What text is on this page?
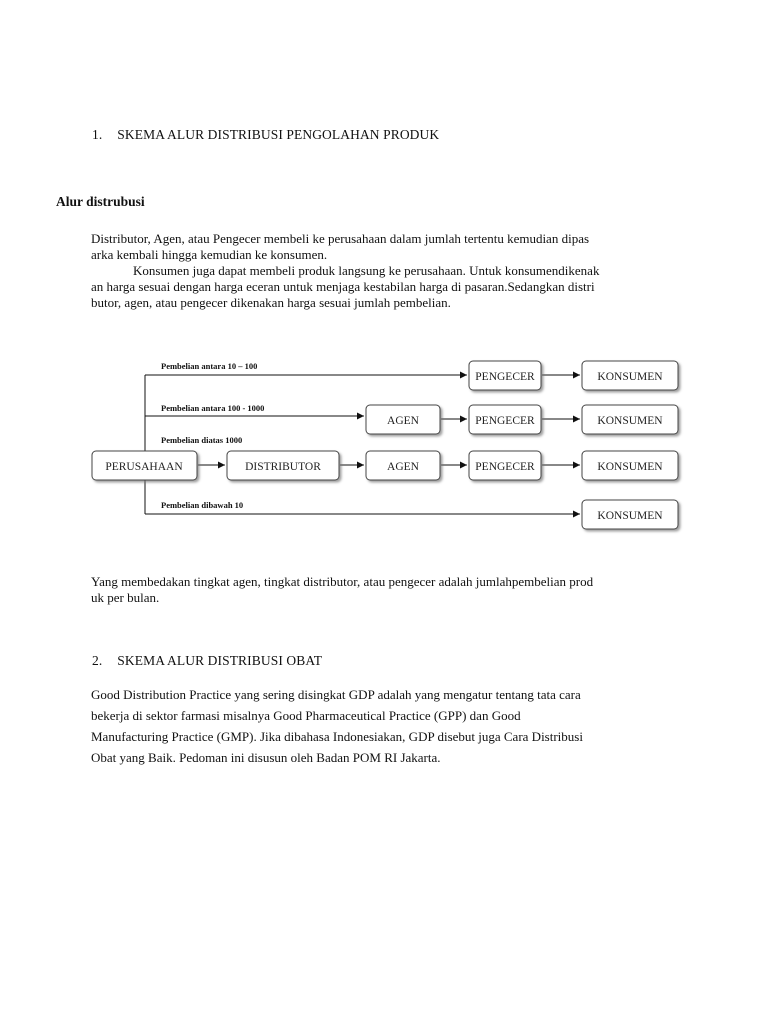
1. SKEMA ALUR DISTRIBUSI PENGOLAHAN PRODUK
Alur distrubusi

Distributor, Agen, atau Pengecer membeli ke perusahaan dalam jumlah tertentu kemudian dipas

arka kembali hingga kemudian ke konsumen.

Konsumen juga dapat membeli produk langsung ke perusahaan. Untuk konsumendikenak

an harga sesuai dengan harga eceran untuk menjaga kestabilan harga di pasaran.Sedangkan distri

butor, agen, atau pengecer dikenakan harga sesuai jumlah pembelian.

Pembelian antara 10 – 100
Pembelian antara 100 - 1000
Pembelian diatas 1000
Pembelian dibawah 10
PENGECER	KONSUMEN
AGEN	PENGECER	KONSUMEN
PERUSAHAAN	DISTRIBUTOR	AGEN	PENGECER	KONSUMEN
KONSUMEN

Yang membedakan tingkat agen, tingkat distributor, atau pengecer adalah jumlahpembelian prod

uk per bulan.

2. SKEMA ALUR DISTRIBUSI OBAT
Good Distribution Practice yang sering disingkat GDP adalah yang mengatur tentang tata cara
bekerja di sektor farmasi misalnya Good Pharmaceutical Practice (GPP) dan Good
Manufacturing Practice (GMP). Jika dibahasa Indonesiakan, GDP disebut juga Cara Distribusi
Obat yang Baik. Pedoman ini disusun oleh Badan POM RI Jakarta.
